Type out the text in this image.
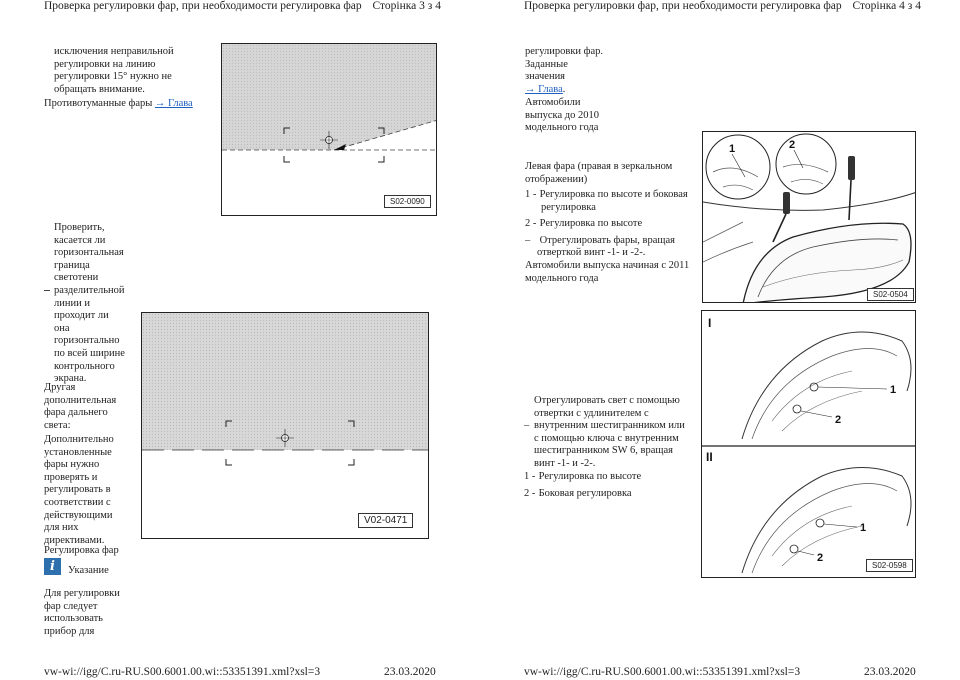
Проверка регулировки фар, при необходимости регулировка фар Сторінка 3 з 4
исключения неправильной
регулировки на линию
регулировки 15° нужно не
обращать внимание.
Противотуманные фары → Глава
S02-0090
Проверить,
касается ли
горизонтальная
граница
светотени
разделительной
линии и
проходит ли
она
горизонтально
по всей ширине
контрольного
экрана.
Другая
дополнительная
фара дальнего
света:
Дополнительно
установленные
фары нужно
проверять и
регулировать в
соответствии с
действующими
для них
директивами.
Регулировка фар
i	Указание
Для регулировки
фар следует
использовать
прибор для
V02-0471
vw-wi://igg/C.ru-RU.S00.6001.00.wi::53351391.xml?xsl=3	23.03.2020
Проверка регулировки фар, при необходимости регулировка фар Сторінка 4 з 4
регулировки фар.
Заданные
значения
→ Глава.
Автомобили
выпуска до 2010
модельного года
Левая фара (правая в зеркальном
отображении)
1 - Регулировка по высоте и боковая
регулировка
2 - Регулировка по высоте
– Отрегулировать фары, вращая
отверткой винт -1- и -2-.
Автомобили выпуска начиная с 2011
модельного года
1	2
S02-0504
I
II
1
2
1
2
S02-0598
Отрегулировать свет с помощью
отвертки с удлинителем с
– внутренним шестигранником или
с помощью ключа с внутренним
шестигранником SW 6, вращая
винт -1- и -2-.
1 - Регулировка по высоте
2 - Боковая регулировка
vw-wi://igg/C.ru-RU.S00.6001.00.wi::53351391.xml?xsl=3	23.03.2020
